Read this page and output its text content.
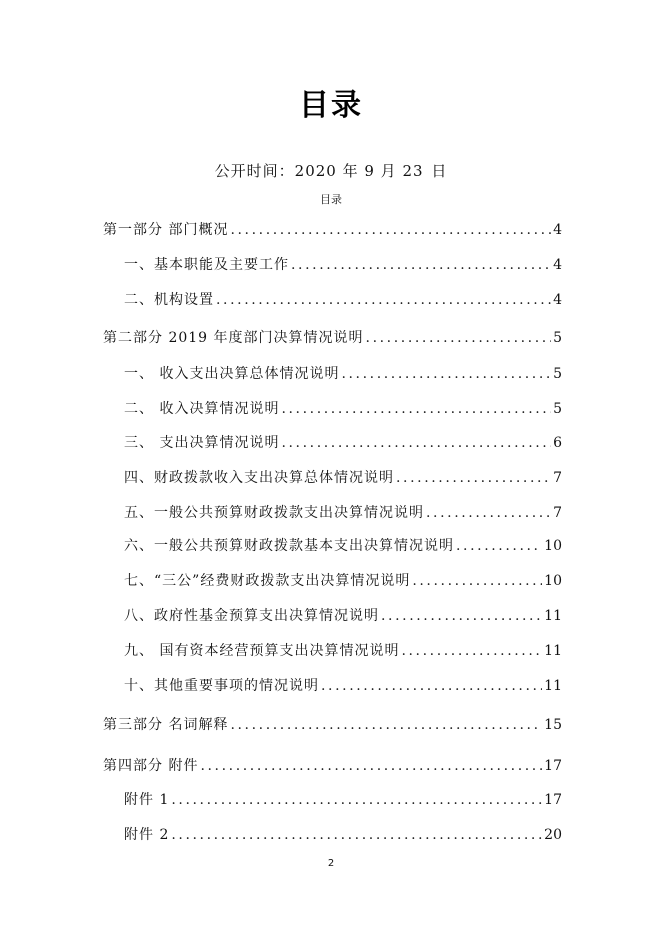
目录
公开时间：2020 年 9 月 23 日
目录
第一部分 部门概况 .....	4
一、基本职能及主要工作 .....	4
二、机构设置 .....	4
第二部分 2019 年度部门决算情况说明 .....	5
一、 收入支出决算总体情况说明 .....	5
二、 收入决算情况说明 .....	5
三、 支出决算情况说明 .....	6
四、财政拨款收入支出决算总体情况说明 .....	7
五、一般公共预算财政拨款支出决算情况说明 .....	7
六、一般公共预算财政拨款基本支出决算情况说明 .....	10
七、“三公”经费财政拨款支出决算情况说明 .....	10
八、政府性基金预算支出决算情况说明 .....	11
九、 国有资本经营预算支出决算情况说明 .....	11
十、其他重要事项的情况说明 .....	11
第三部分 名词解释 .....	15
第四部分 附件 .....	17
附件 1 .....	17
附件 2 .....	20
2
